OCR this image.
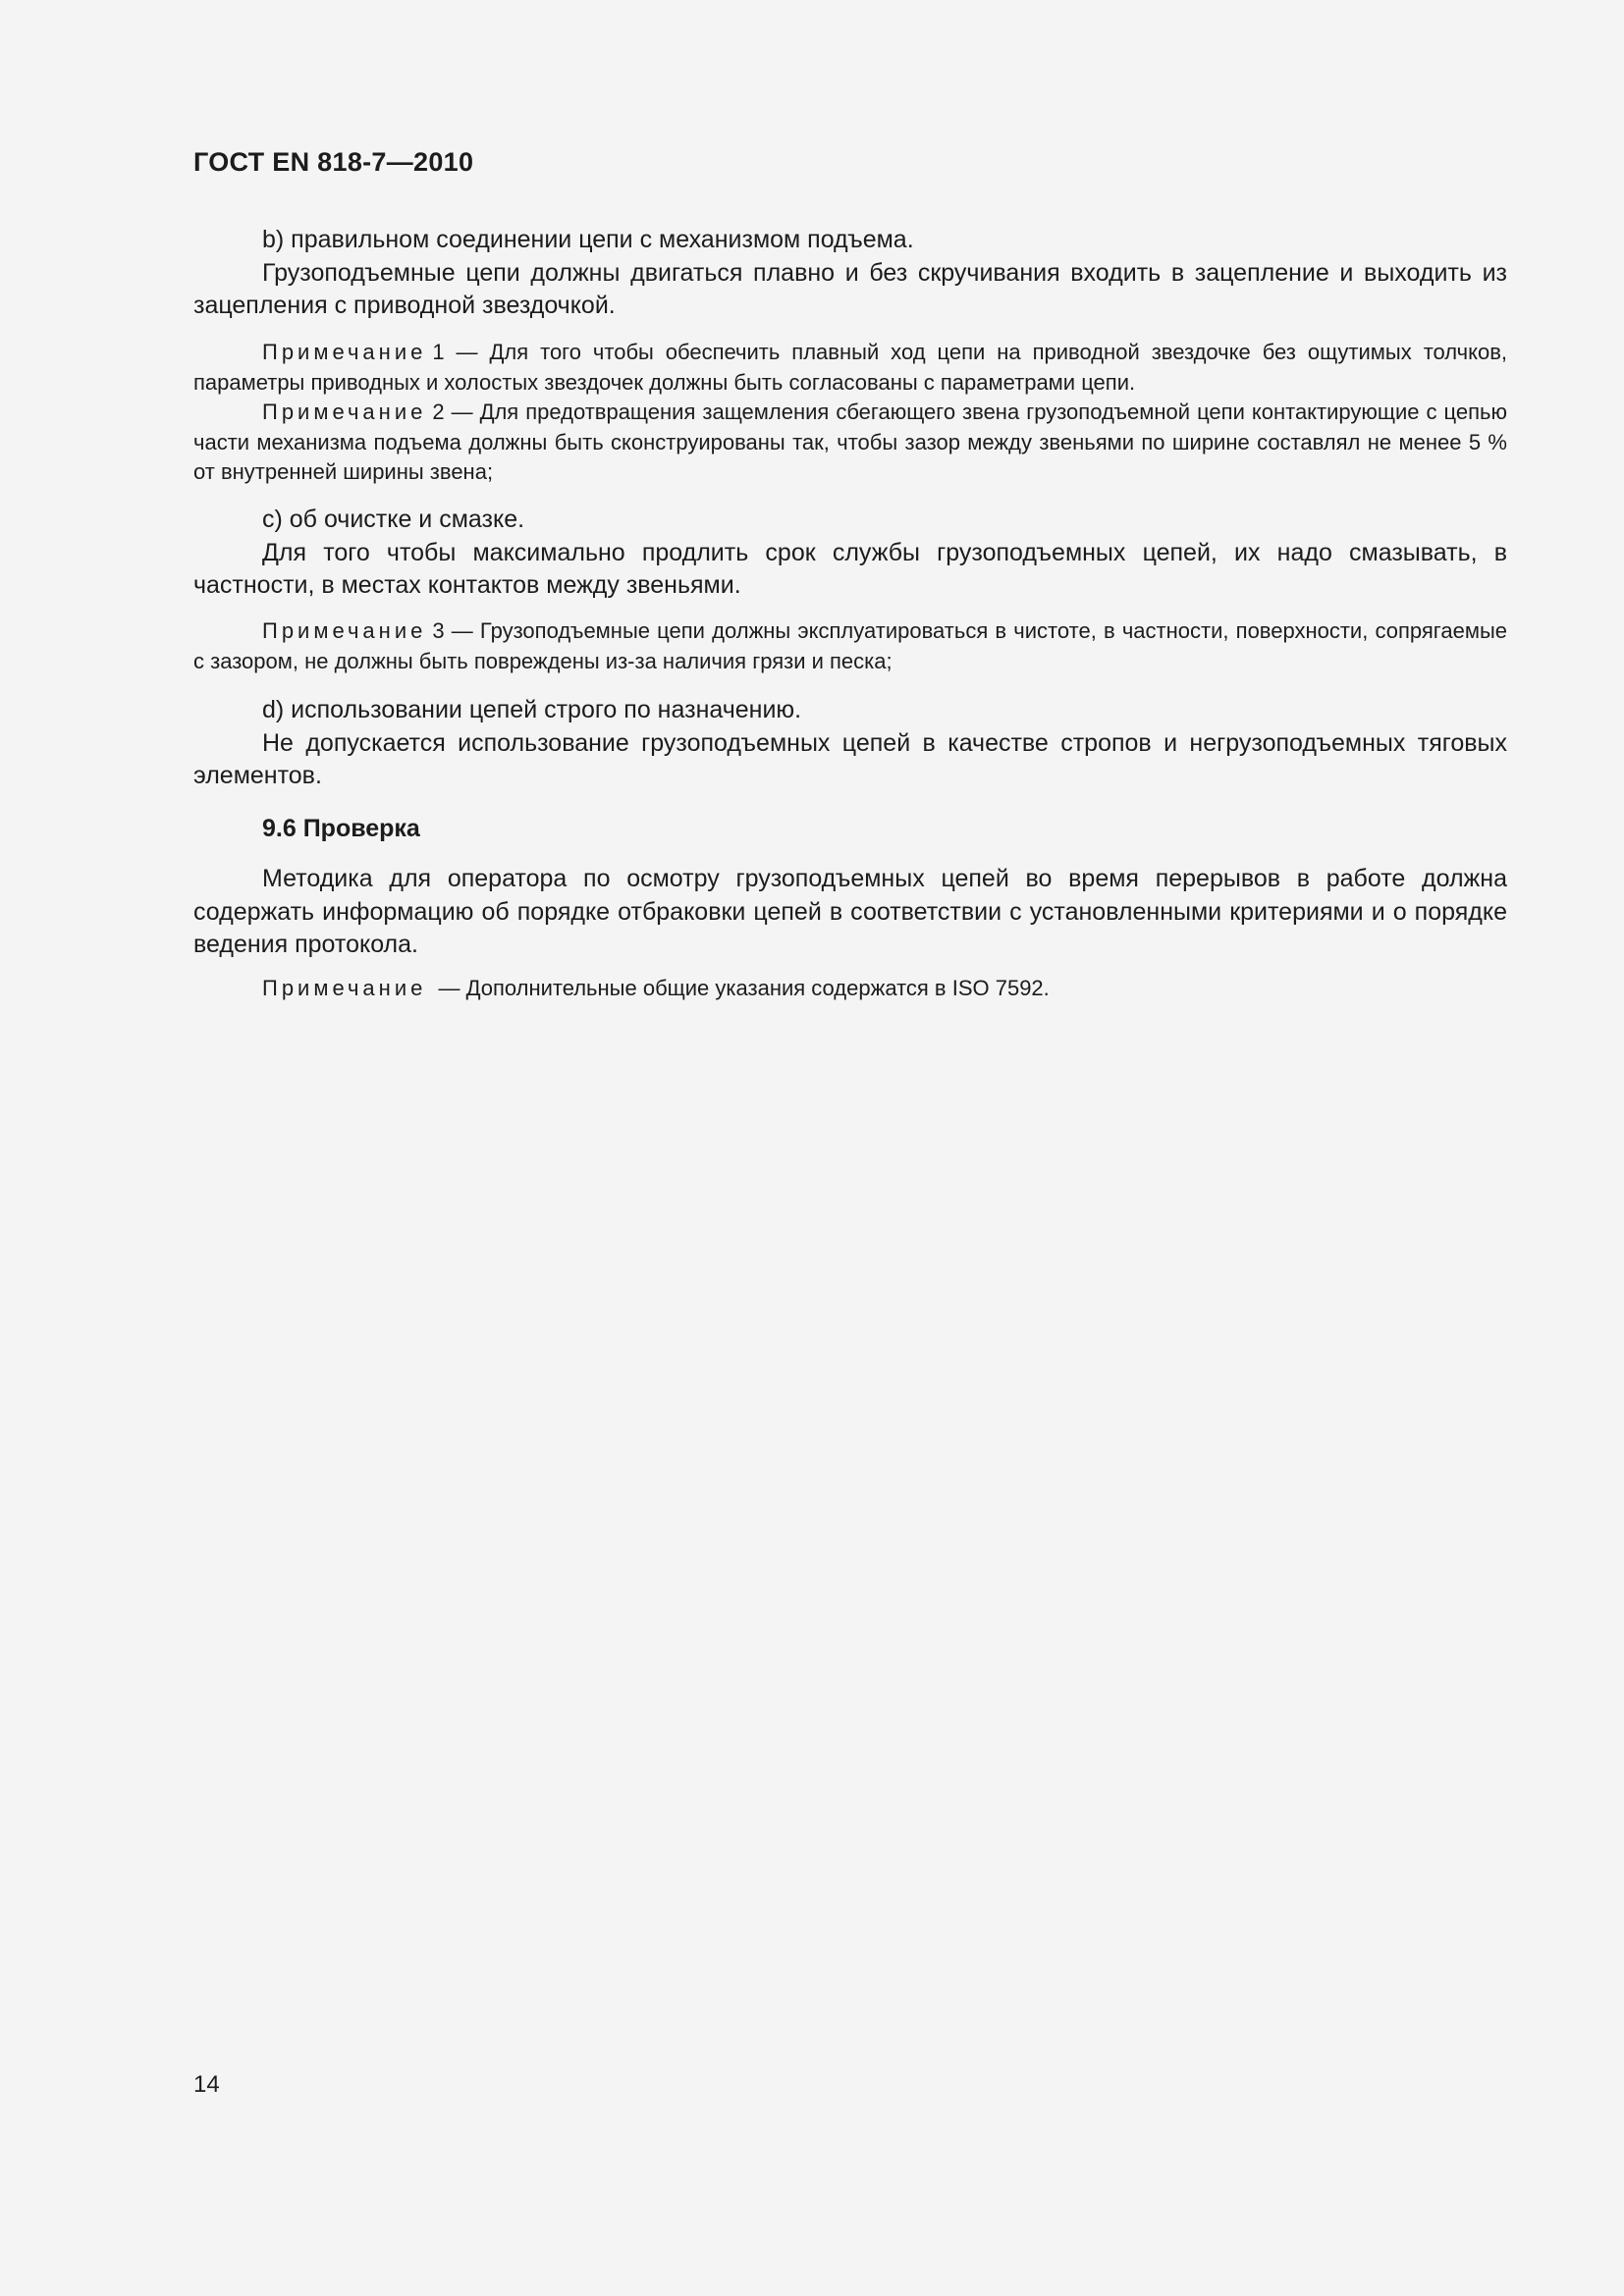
ГОСТ EN 818-7—2010

b) правильном соединении цепи с механизмом подъема.

Грузоподъемные цепи должны двигаться плавно и без скручивания входить в зацепление и выходить из зацепления с приводной звездочкой.

Примечание 1 — Для того чтобы обеспечить плавный ход цепи на приводной звездочке без ощутимых толчков, параметры приводных и холостых звездочек должны быть согласованы с параметрами цепи.

Примечание 2 — Для предотвращения защемления сбегающего звена грузоподъемной цепи контактирующие с цепью части механизма подъема должны быть сконструированы так, чтобы зазор между звеньями по ширине составлял не менее 5 % от внутренней ширины звена;

c) об очистке и смазке.

Для того чтобы максимально продлить срок службы грузоподъемных цепей, их надо смазывать, в частности, в местах контактов между звеньями.

Примечание 3 — Грузоподъемные цепи должны эксплуатироваться в чистоте, в частности, поверхности, сопрягаемые с зазором, не должны быть повреждены из-за наличия грязи и песка;

d) использовании цепей строго по назначению.

Не допускается использование грузоподъемных цепей в качестве стропов и негрузоподъемных тяговых элементов.

9.6 Проверка

Методика для оператора по осмотру грузоподъемных цепей во время перерывов в работе должна содержать информацию об порядке отбраковки цепей в соответствии с установленными критериями и о порядке ведения протокола.

Примечание — Дополнительные общие указания содержатся в ISO 7592.

14
